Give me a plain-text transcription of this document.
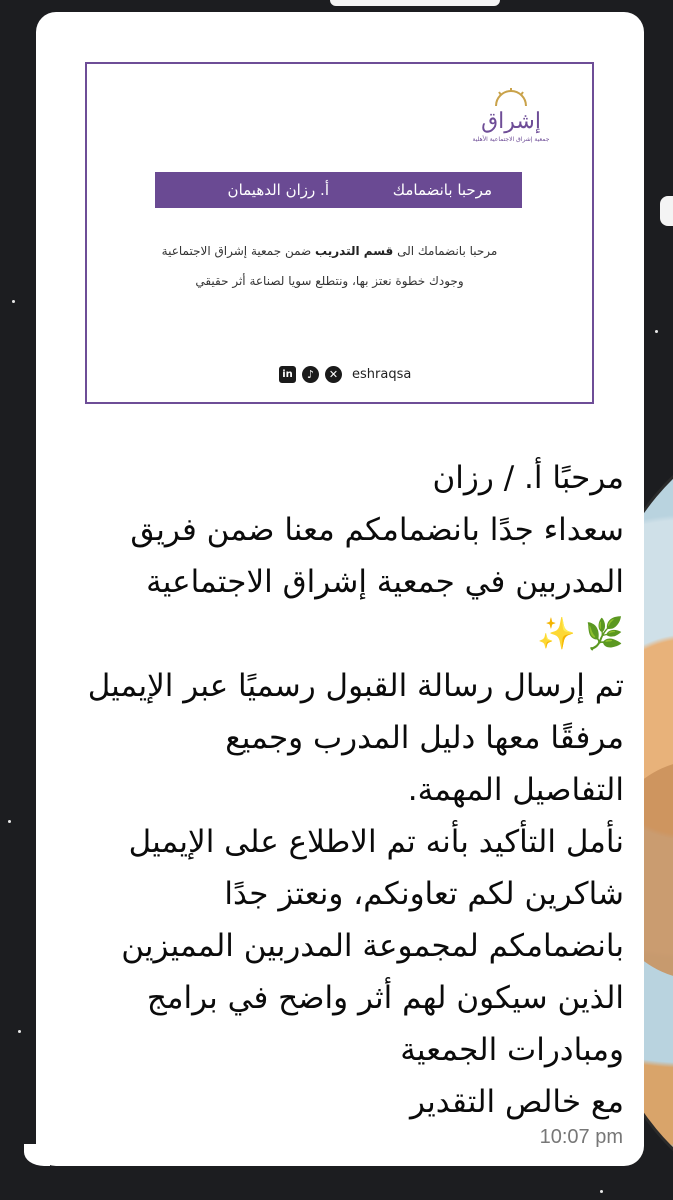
إشراق
جمعية إشراق الاجتماعية الأهلية
مرحبا بانضمامك
أ. رزان الدهيمان
مرحبا بانضمامك الى قسم التدريب ضمن جمعية إشراق الاجتماعية
وجودك خطوة نعتز بها، ونتطلع سويا لصناعة أثر حقيقي
in	♪	✕ eshraqsa
مرحبًا أ. / رزان
سعداء جدًا بانضمامكم معنا ضمن فريق
المدربين في جمعية إشراق الاجتماعية
🌿 ✨
تم إرسال رسالة القبول رسميًا عبر الإيميل
مرفقًا معها دليل المدرب وجميع
التفاصيل المهمة.
نأمل التأكيد بأنه تم الاطلاع على الإيميل
شاكرين لكم تعاونكم، ونعتز جدًا
بانضمامكم لمجموعة المدربين المميزين
الذين سيكون لهم أثر واضح في برامج
ومبادرات الجمعية
مع خالص التقدير
10:07 pm
